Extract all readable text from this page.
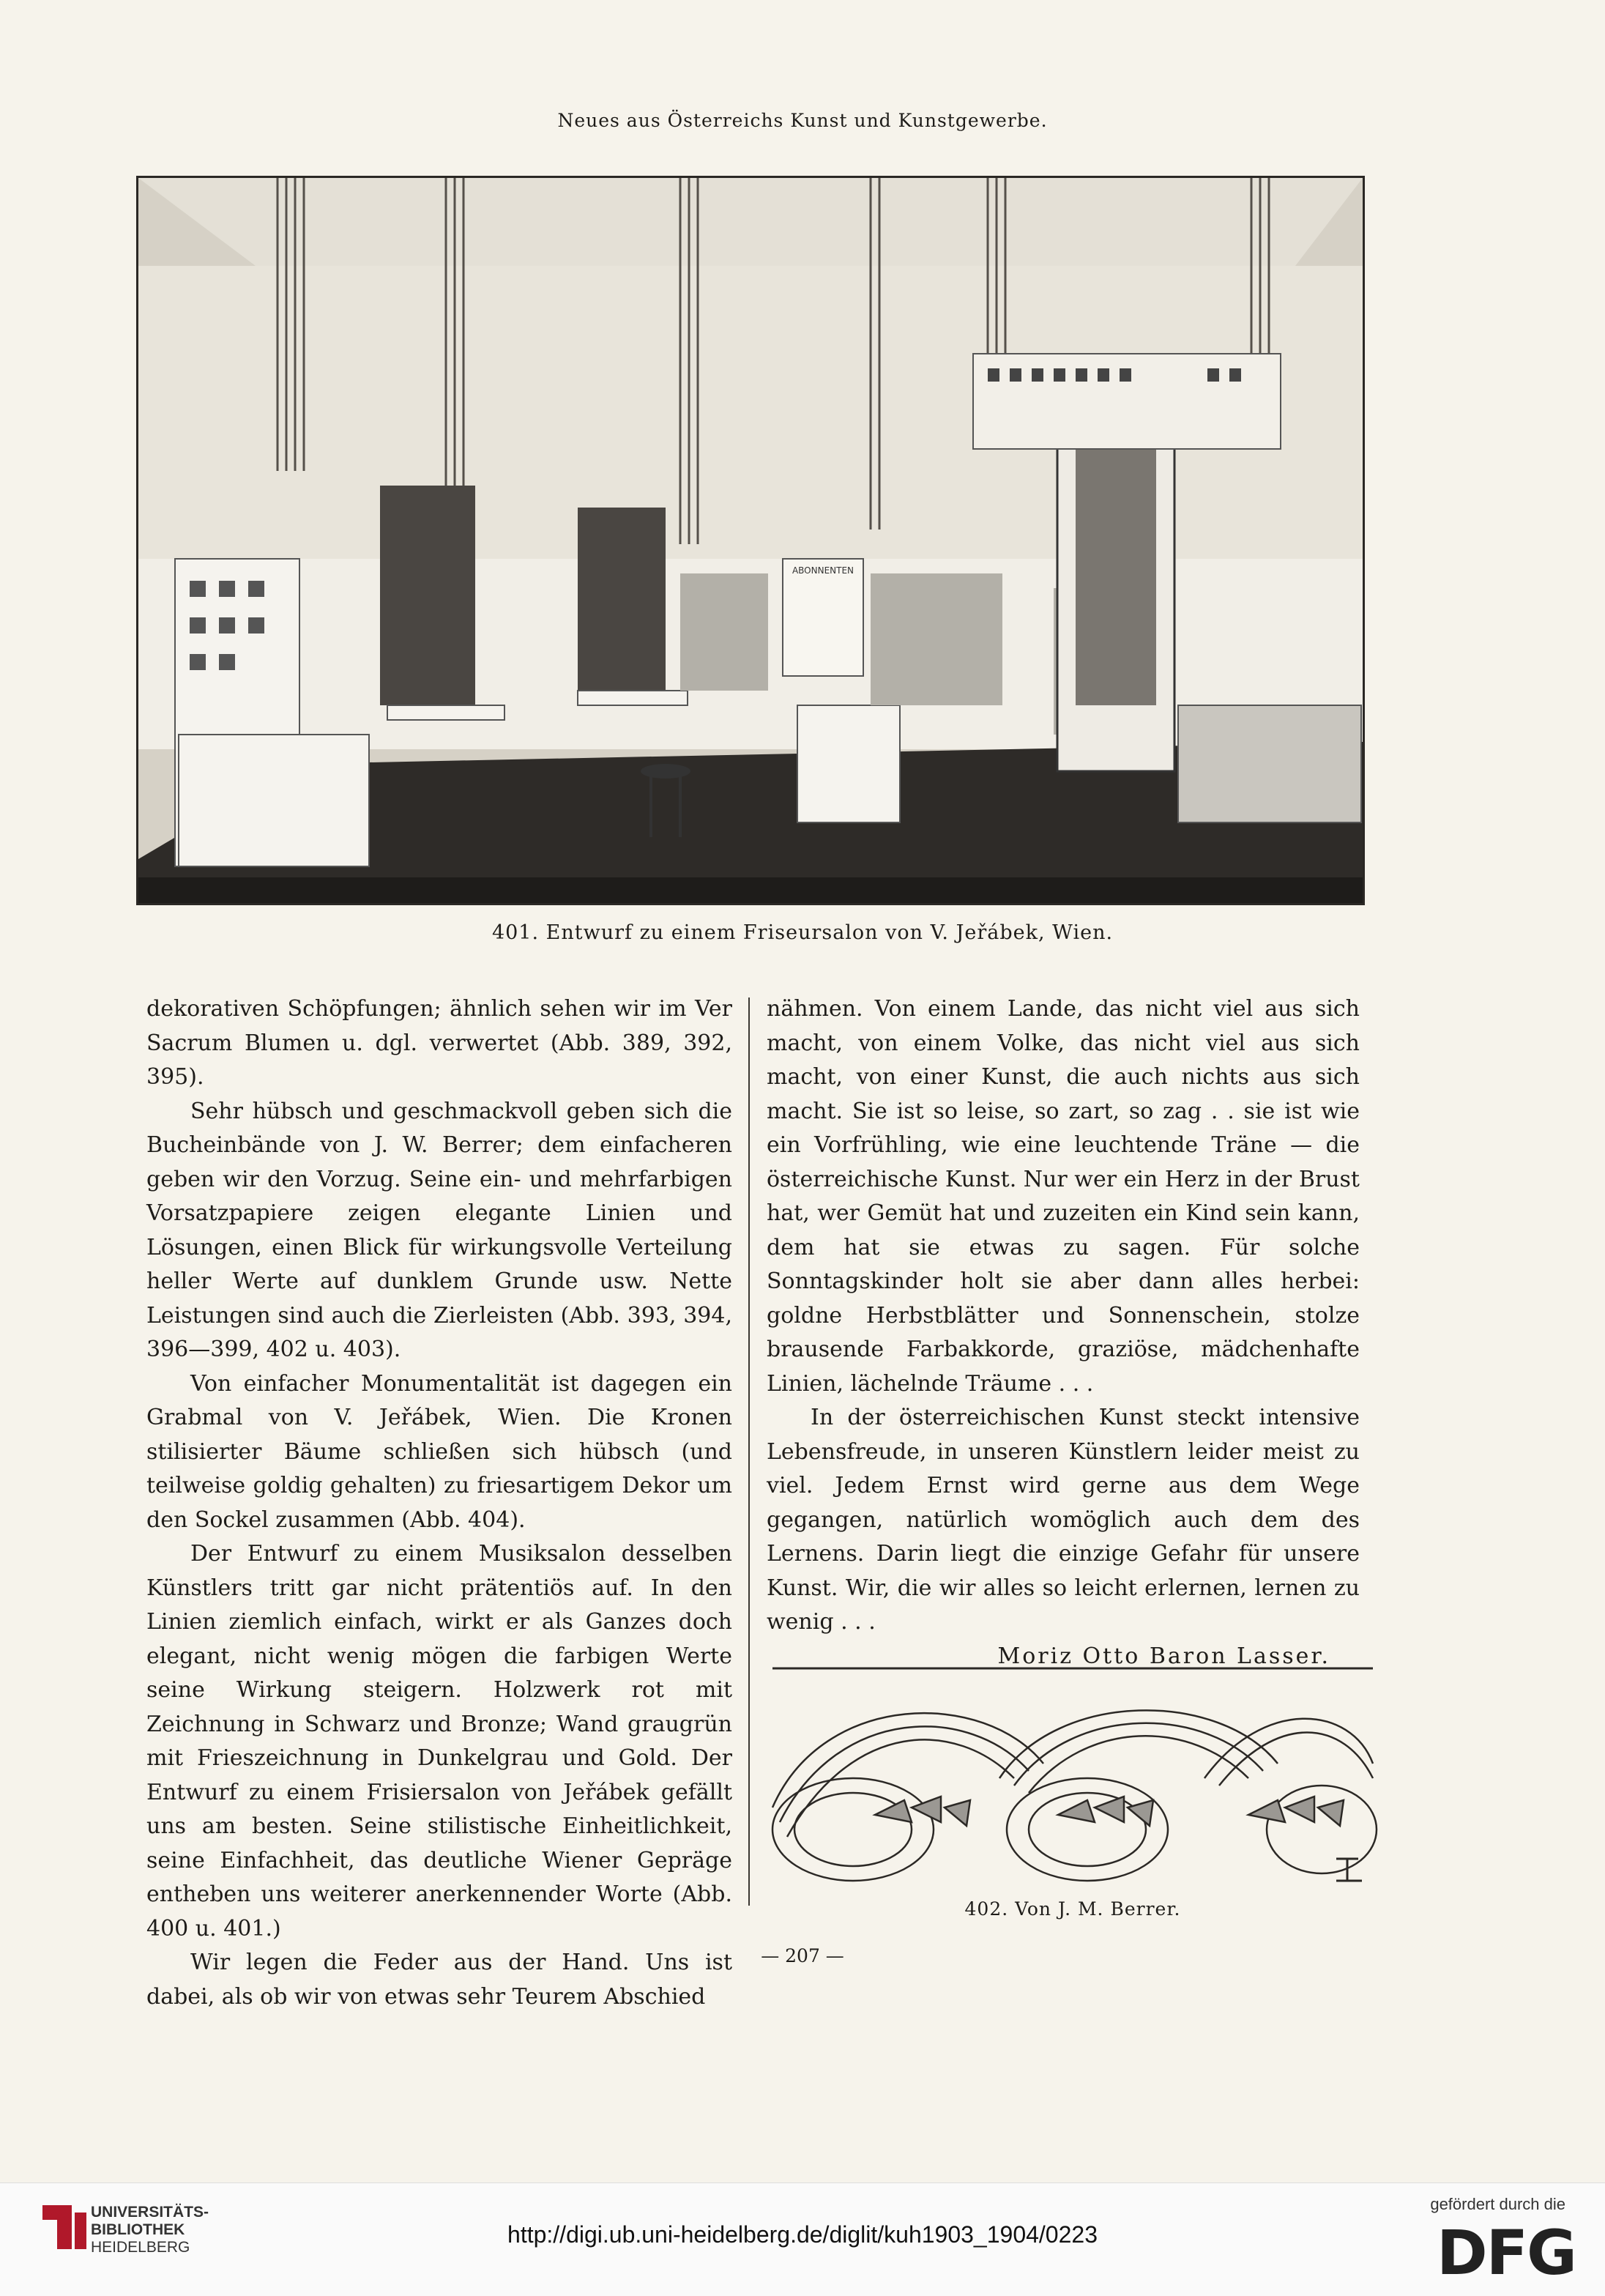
Neues aus Österreichs Kunst und Kunstgewerbe.
ABONNENTEN
401. Entwurf zu einem Friseursalon von V. Jeřábek, Wien.

dekorativen Schöpfungen; ähnlich sehen wir im Ver Sacrum Blumen u. dgl. verwertet (Abb. 389, 392, 395).

Sehr hübsch und geschmackvoll geben sich die Bucheinbände von J. W. Berrer; dem einfacheren geben wir den Vorzug. Seine ein- und mehrfarbigen Vorsatzpapiere zeigen elegante Linien und Lösungen, einen Blick für wirkungsvolle Verteilung heller Werte auf dunklem Grunde usw. Nette Leistungen sind auch die Zierleisten (Abb. 393, 394, 396—399, 402 u. 403).

Von einfacher Monumentalität ist dagegen ein Grabmal von V. Jeřábek, Wien. Die Kronen stilisierter Bäume schließen sich hübsch (und teilweise goldig gehalten) zu friesartigem Dekor um den Sockel zusammen (Abb. 404).

Der Entwurf zu einem Musiksalon desselben Künstlers tritt gar nicht prätentiös auf. In den Linien ziemlich einfach, wirkt er als Ganzes doch elegant, nicht wenig mögen die farbigen Werte seine Wirkung steigern. Holzwerk rot mit Zeichnung in Schwarz und Bronze; Wand graugrün mit Frieszeichnung in Dunkelgrau und Gold. Der Entwurf zu einem Frisiersalon von Jeřábek gefällt uns am besten. Seine stilistische Einheitlichkeit, seine Einfachheit, das deutliche Wiener Gepräge entheben uns weiterer anerkennender Worte (Abb. 400 u. 401.)

Wir legen die Feder aus der Hand. Uns ist dabei, als ob wir von etwas sehr Teurem Abschied

nähmen. Von einem Lande, das nicht viel aus sich macht, von einem Volke, das nicht viel aus sich macht, von einer Kunst, die auch nichts aus sich macht. Sie ist so leise, so zart, so zag . . sie ist wie ein Vorfrühling, wie eine leuchtende Träne — die österreichische Kunst. Nur wer ein Herz in der Brust hat, wer Gemüt hat und zuzeiten ein Kind sein kann, dem hat sie etwas zu sagen. Für solche Sonntagskinder holt sie aber dann alles herbei: goldne Herbstblätter und Sonnenschein, stolze brausende Farbakkorde, graziöse, mädchenhafte Linien, lächelnde Träume . . .

In der österreichischen Kunst steckt intensive Lebensfreude, in unseren Künstlern leider meist zu viel. Jedem Ernst wird gerne aus dem Wege gegangen, natürlich womöglich auch dem des Lernens. Darin liegt die einzige Gefahr für unsere Kunst. Wir, die wir alles so leicht erlernen, lernen zu wenig . . .

Moriz Otto Baron Lasser.

402. Von J. M. Berrer.
— 207 —
UNIVERSITÄTS-
BIBLIOTHEK
HEIDELBERG	http://digi.ub.uni-heidelberg.de/diglit/kuh1903_1904/0223
gefördert durch die
DFG
